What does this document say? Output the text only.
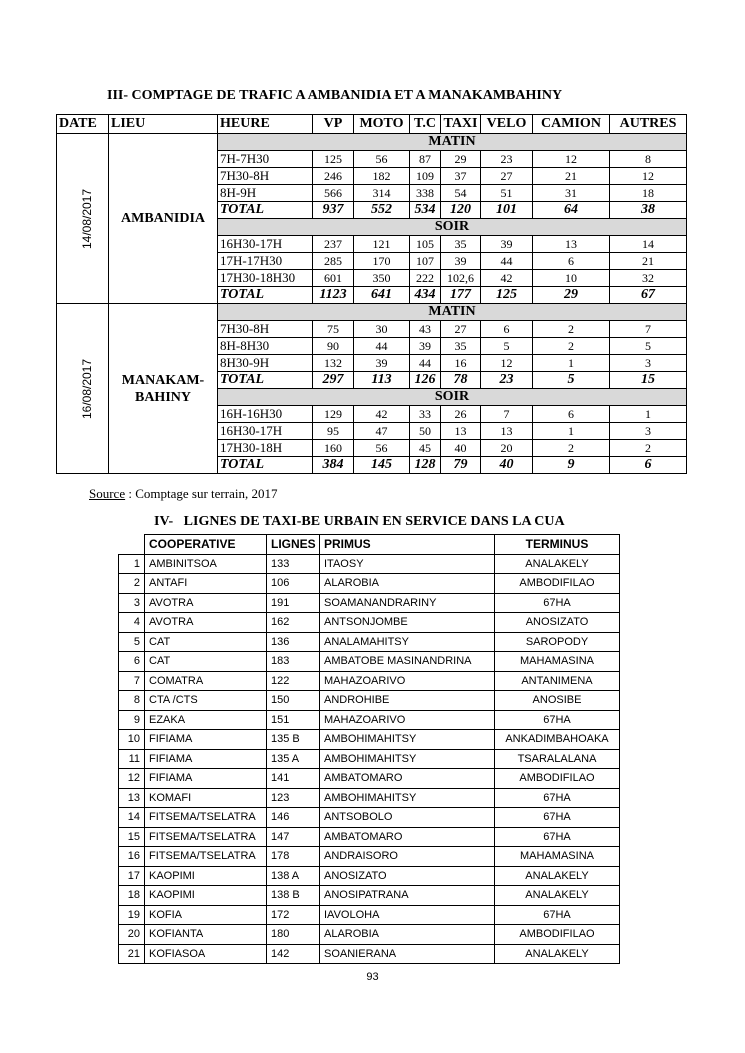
III- COMPTAGE DE TRAFIC A AMBANIDIA ET A MANAKAMBAHINY
DATE	LIEU	HEURE	VP	MOTO	T.C	TAXI	VELO	CAMION	AUTRES
14/08/2017	AMBANIDIA	MATIN							
		7H-7H30	125	56	87	29	23	12	8
		7H30-8H	246	182	109	37	27	21	12
		8H-9H	566	314	338	54	51	31	18
		TOTAL	937	552	534	120	101	64	38
		SOIR							
		16H30-17H	237	121	105	35	39	13	14
		17H-17H30	285	170	107	39	44	6	21
		17H30-18H30	601	350	222	102,6	42	10	32
		TOTAL	1123	641	434	177	125	29	67
16/08/2017	MANAKAM-BAHINY	MATIN							
		7H30-8H	75	30	43	27	6	2	7
		8H-8H30	90	44	39	35	5	2	5
		8H30-9H	132	39	44	16	12	1	3
		TOTAL	297	113	126	78	23	5	15
		SOIR							
		16H-16H30	129	42	33	26	7	6	1
		16H30-17H	95	47	50	13	13	1	3
		17H30-18H	160	56	45	40	20	2	2
		TOTAL	384	145	128	79	40	9	6
Source : Comptage sur terrain, 2017
IV-   LIGNES DE TAXI-BE URBAIN EN SERVICE DANS LA CUA
	COOPERATIVE	LIGNES	PRIMUS	TERMINUS
1	AMBINITSOA	133	ITAOSY	ANALAKELY
2	ANTAFI	106	ALAROBIA	AMBODIFILAO
3	AVOTRA	191	SOAMANANDRARINY	67HA
4	AVOTRA	162	ANTSONJOMBE	ANOSIZATO
5	CAT	136	ANALAMAHITSY	SAROPODY
6	CAT	183	AMBATOBE MASINANDRINA	MAHAMASINA
7	COMATRA	122	MAHAZOARIVO	ANTANIMENA
8	CTA /CTS	150	ANDROHIBE	ANOSIBE
9	EZAKA	151	MAHAZOARIVO	67HA
10	FIFIAMA	135 B	AMBOHIMAHITSY	ANKADIMBAHOAKA
11	FIFIAMA	135 A	AMBOHIMAHITSY	TSARALALANA
12	FIFIAMA	141	AMBATOMARO	AMBODIFILAO
13	KOMAFI	123	AMBOHIMAHITSY	67HA
14	FITSEMA/TSELATRA	146	ANTSOBOLO	67HA
15	FITSEMA/TSELATRA	147	AMBATOMARO	67HA
16	FITSEMA/TSELATRA	178	ANDRAISORO	MAHAMASINA
17	KAOPIMI	138 A	ANOSIZATO	ANALAKELY
18	KAOPIMI	138 B	ANOSIPATRANA	ANALAKELY
19	KOFIA	172	IAVOLOHA	67HA
20	KOFIANTA	180	ALAROBIA	AMBODIFILAO
21	KOFIASOA	142	SOANIERANA	ANALAKELY
93
